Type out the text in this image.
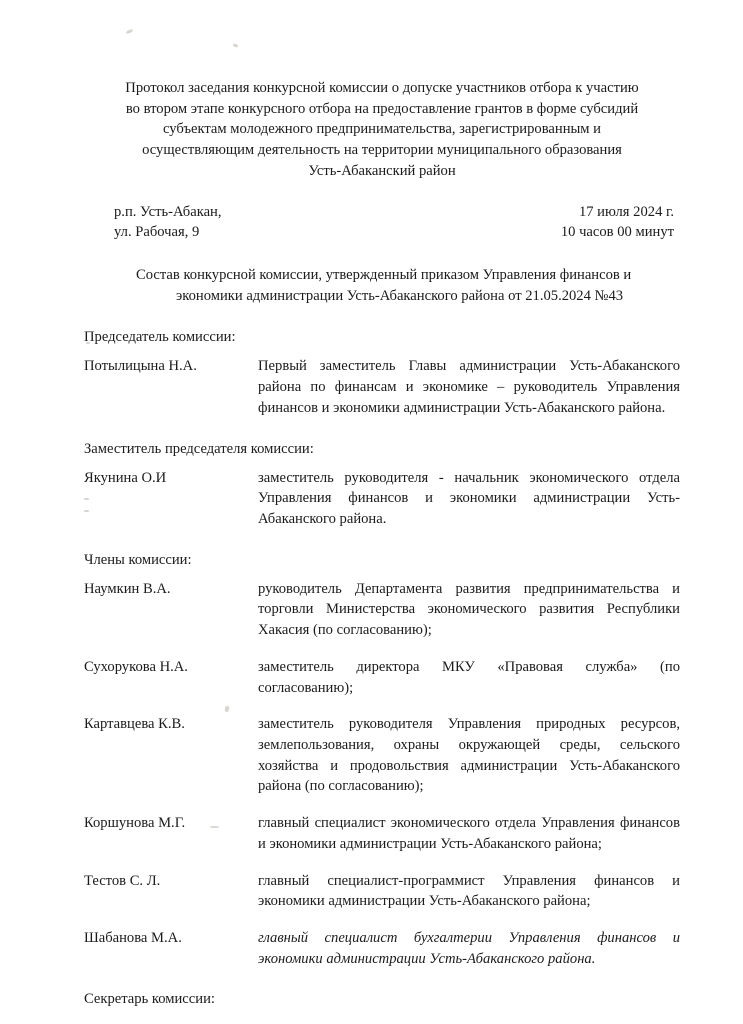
Протокол заседания конкурсной комиссии о допуске участников отбора к участию

во втором этапе конкурсного отбора на предоставление грантов в форме субсидий

субъектам молодежного предпринимательства, зарегистрированным и

осуществляющим деятельность на территории муниципального образования

Усть-Абаканский район

р.п. Усть-Абакан,
ул. Рабочая, 9
17 июля 2024 г.
10 часов 00 минут
Состав конкурсной комиссии, утвержденный приказом Управления финансов и
экономики администрации Усть-Абаканского района от 21.05.2024 №43
Председатель комиссии:
Потылицына Н.А.	Первый заместитель Главы администрации Усть-Абаканского района по финансам и экономике – руководитель Управления финансов и экономики администрации Усть-Абаканского района.
Заместитель председателя комиссии:
Якунина О.И	заместитель руководителя - начальник экономического отдела Управления финансов и экономики администрации Усть-Абаканского района.
Члены комиссии:
Наумкин В.А.	руководитель Департамента развития предпринимательства и торговли Министерства экономического развития Республики Хакасия (по согласованию);
Сухорукова Н.А.	заместитель директора МКУ «Правовая служба» (по согласованию);
Картавцева К.В.	заместитель руководителя Управления природных ресурсов, землепользования, охраны окружающей среды, сельского хозяйства и продовольствия администрации Усть-Абаканского района (по согласованию);
Коршунова М.Г.	главный специалист экономического отдела Управления финансов и экономики администрации Усть-Абаканского района;
Тестов С. Л.	главный специалист-программист Управления финансов и экономики администрации Усть-Абаканского района;
Шабанова М.А.	главный специалист бухгалтерии Управления финансов и экономики администрации Усть-Абаканского района.
Секретарь комиссии:
